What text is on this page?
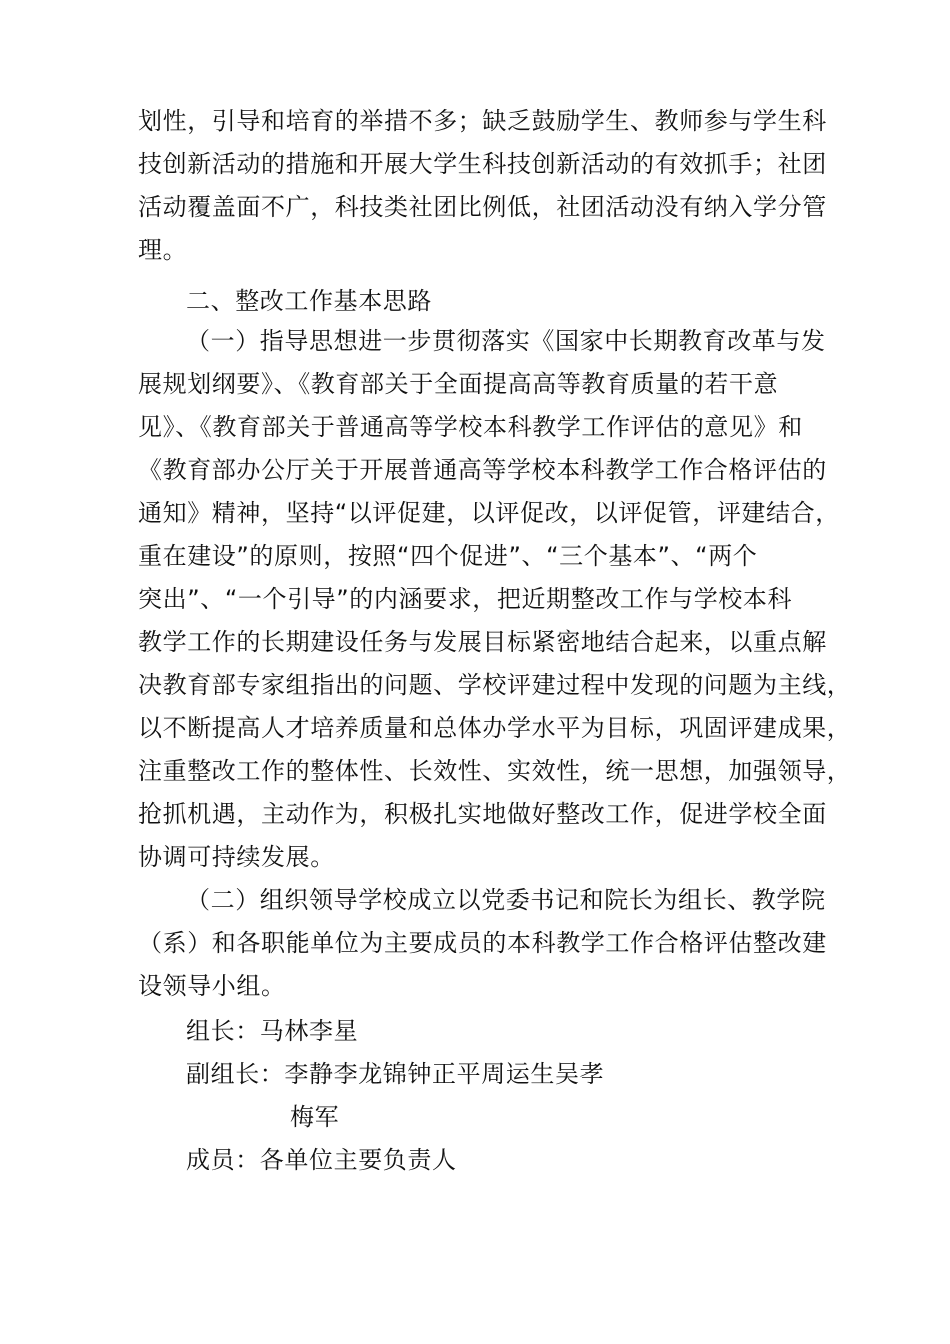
划性，引导和培育的举措不多；缺乏鼓励学生、教师参与学生科
技创新活动的措施和开展大学生科技创新活动的有效抓手；社团
活动覆盖面不广，科技类社团比例低，社团活动没有纳入学分管
理。
二、整改工作基本思路
（一）指导思想进一步贯彻落实《国家中长期教育改革与发
展规划纲要》、《教育部关于全面提高高等教育质量的若干意
见》、《教育部关于普通高等学校本科教学工作评估的意见》和
《教育部办公厅关于开展普通高等学校本科教学工作合格评估的
通知》精神，坚持“以评促建，以评促改，以评促管，评建结合，
重在建设”的原则，按照“四个促进”、“三个基本”、“两个
突出”、“一个引导”的内涵要求，把近期整改工作与学校本科
教学工作的长期建设任务与发展目标紧密地结合起来，以重点解
决教育部专家组指出的问题、学校评建过程中发现的问题为主线，
以不断提高人才培养质量和总体办学水平为目标，巩固评建成果，
注重整改工作的整体性、长效性、实效性，统一思想，加强领导，
抢抓机遇，主动作为，积极扎实地做好整改工作，促进学校全面
协调可持续发展。
（二）组织领导学校成立以党委书记和院长为组长、教学院
（系）和各职能单位为主要成员的本科教学工作合格评估整改建
设领导小组。
组长：马林李星
副组长：李静李龙锦钟正平周运生吴孝
梅军
成员：各单位主要负责人
